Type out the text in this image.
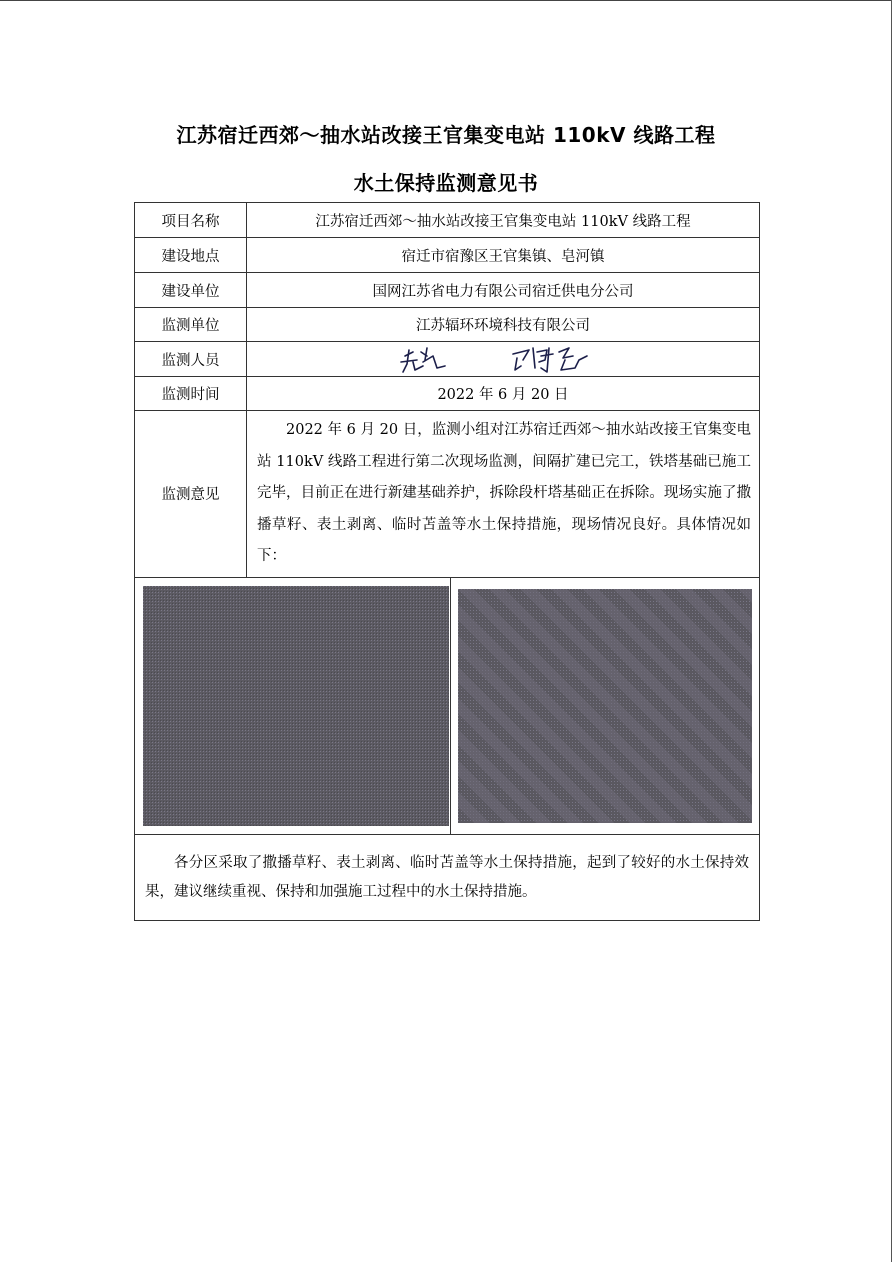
江苏宿迁西郊～抽水站改接王官集变电站 110kV 线路工程
水土保持监测意见书
项目名称	江苏宿迁西郊～抽水站改接王官集变电站 110kV 线路工程	
建设地点	宿迁市宿豫区王官集镇、皂河镇	
建设单位	国网江苏省电力有限公司宿迁供电分公司	
监测单位	江苏辐环环境科技有限公司	
监测人员	

监测时间	2022 年 6 月 20 日	
监测意见	2022 年 6 月 20 日，监测小组对江苏宿迁西郊～抽水站改接王官集变电站 110kV 线路工程进行第二次现场监测，间隔扩建已完工，铁塔基础已施工完毕，目前正在进行新建基础养护，拆除段杆塔基础正在拆除。现场实施了撒播草籽、表土剥离、临时苫盖等水土保持措施，现场情况良好。具体情况如下：	

各分区采取了撒播草籽、表土剥离、临时苫盖等水土保持措施，起到了较好的水土保持效果，建议继续重视、保持和加强施工过程中的水土保持措施。		
